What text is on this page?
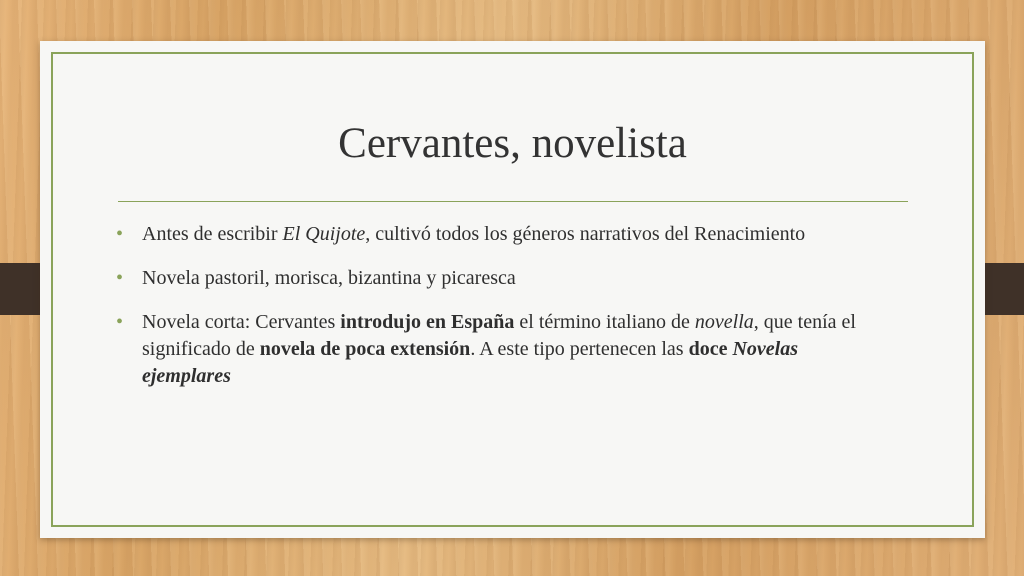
Cervantes, novelista
• Antes de escribir El Quijote, cultivó todos los géneros narrativos del Renacimiento
• Novela pastoril, morisca, bizantina y picaresca
• Novela corta: Cervantes introdujo en España el término italiano de novella, que tenía el significado de novela de poca extensión. A este tipo pertenecen las doce Novelas ejemplares
